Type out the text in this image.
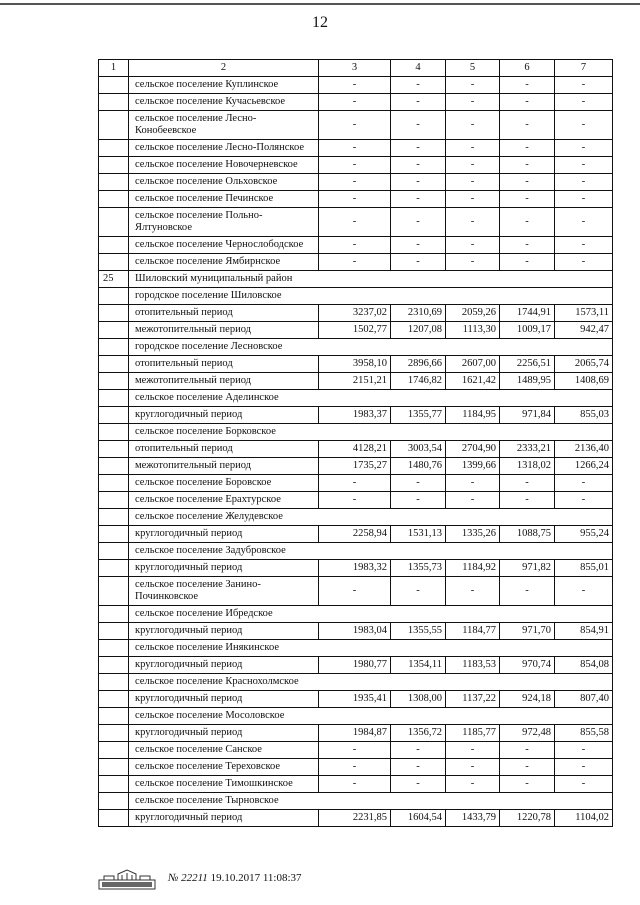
12
1	2	3	4	5	6	7
	сельское поселение Куплинское	-	-	-	-	-
	сельское поселение Кучасьевское	-	-	-	-	-
	сельское поселение Лесно-Конобеевское	-	-	-	-	-
	сельское поселение Лесно-Полянское	-	-	-	-	-
	сельское поселение Новочерневское	-	-	-	-	-
	сельское поселение Ольховское	-	-	-	-	-
	сельское поселение Печинское	-	-	-	-	-
	сельское поселение Польно-Ялтуновское	-	-	-	-	-
	сельское поселение Чернослободское	-	-	-	-	-
	сельское поселение Ямбирнское	-	-	-	-	-
25	Шиловский муниципальный район					
	городское поселение Шиловское					
	отопительный период	3237,02	2310,69	2059,26	1744,91	1573,11
	межотопительный период	1502,77	1207,08	1113,30	1009,17	942,47
	городское поселение Лесновское					
	отопительный период	3958,10	2896,66	2607,00	2256,51	2065,74
	межотопительный период	2151,21	1746,82	1621,42	1489,95	1408,69
	сельское поселение Аделинское					
	круглогодичный период	1983,37	1355,77	1184,95	971,84	855,03
	сельское поселение Борковское					
	отопительный период	4128,21	3003,54	2704,90	2333,21	2136,40
	межотопительный период	1735,27	1480,76	1399,66	1318,02	1266,24
	сельское поселение Боровское	-	-	-	-	-
	сельское поселение Ерахтурское	-	-	-	-	-
	сельское поселение Желудевское					
	круглогодичный период	2258,94	1531,13	1335,26	1088,75	955,24
	сельское поселение Задубровское					
	круглогодичный период	1983,32	1355,73	1184,92	971,82	855,01
	сельское поселение Занино-Починковское	-	-	-	-	-
	сельское поселение Ибредское					
	круглогодичный период	1983,04	1355,55	1184,77	971,70	854,91
	сельское поселение Инякинское					
	круглогодичный период	1980,77	1354,11	1183,53	970,74	854,08
	сельское поселение Краснохолмское					
	круглогодичный период	1935,41	1308,00	1137,22	924,18	807,40
	сельское поселение Мосоловское					
	круглогодичный период	1984,87	1356,72	1185,77	972,48	855,58
	сельское поселение Санское	-	-	-	-	-
	сельское поселение Тереховское	-	-	-	-	-
	сельское поселение Тимошкинское	-	-	-	-	-
	сельское поселение Тырновское					
	круглогодичный период	2231,85	1604,54	1433,79	1220,78	1104,02
№ 22211 19.10.2017 11:08:37
